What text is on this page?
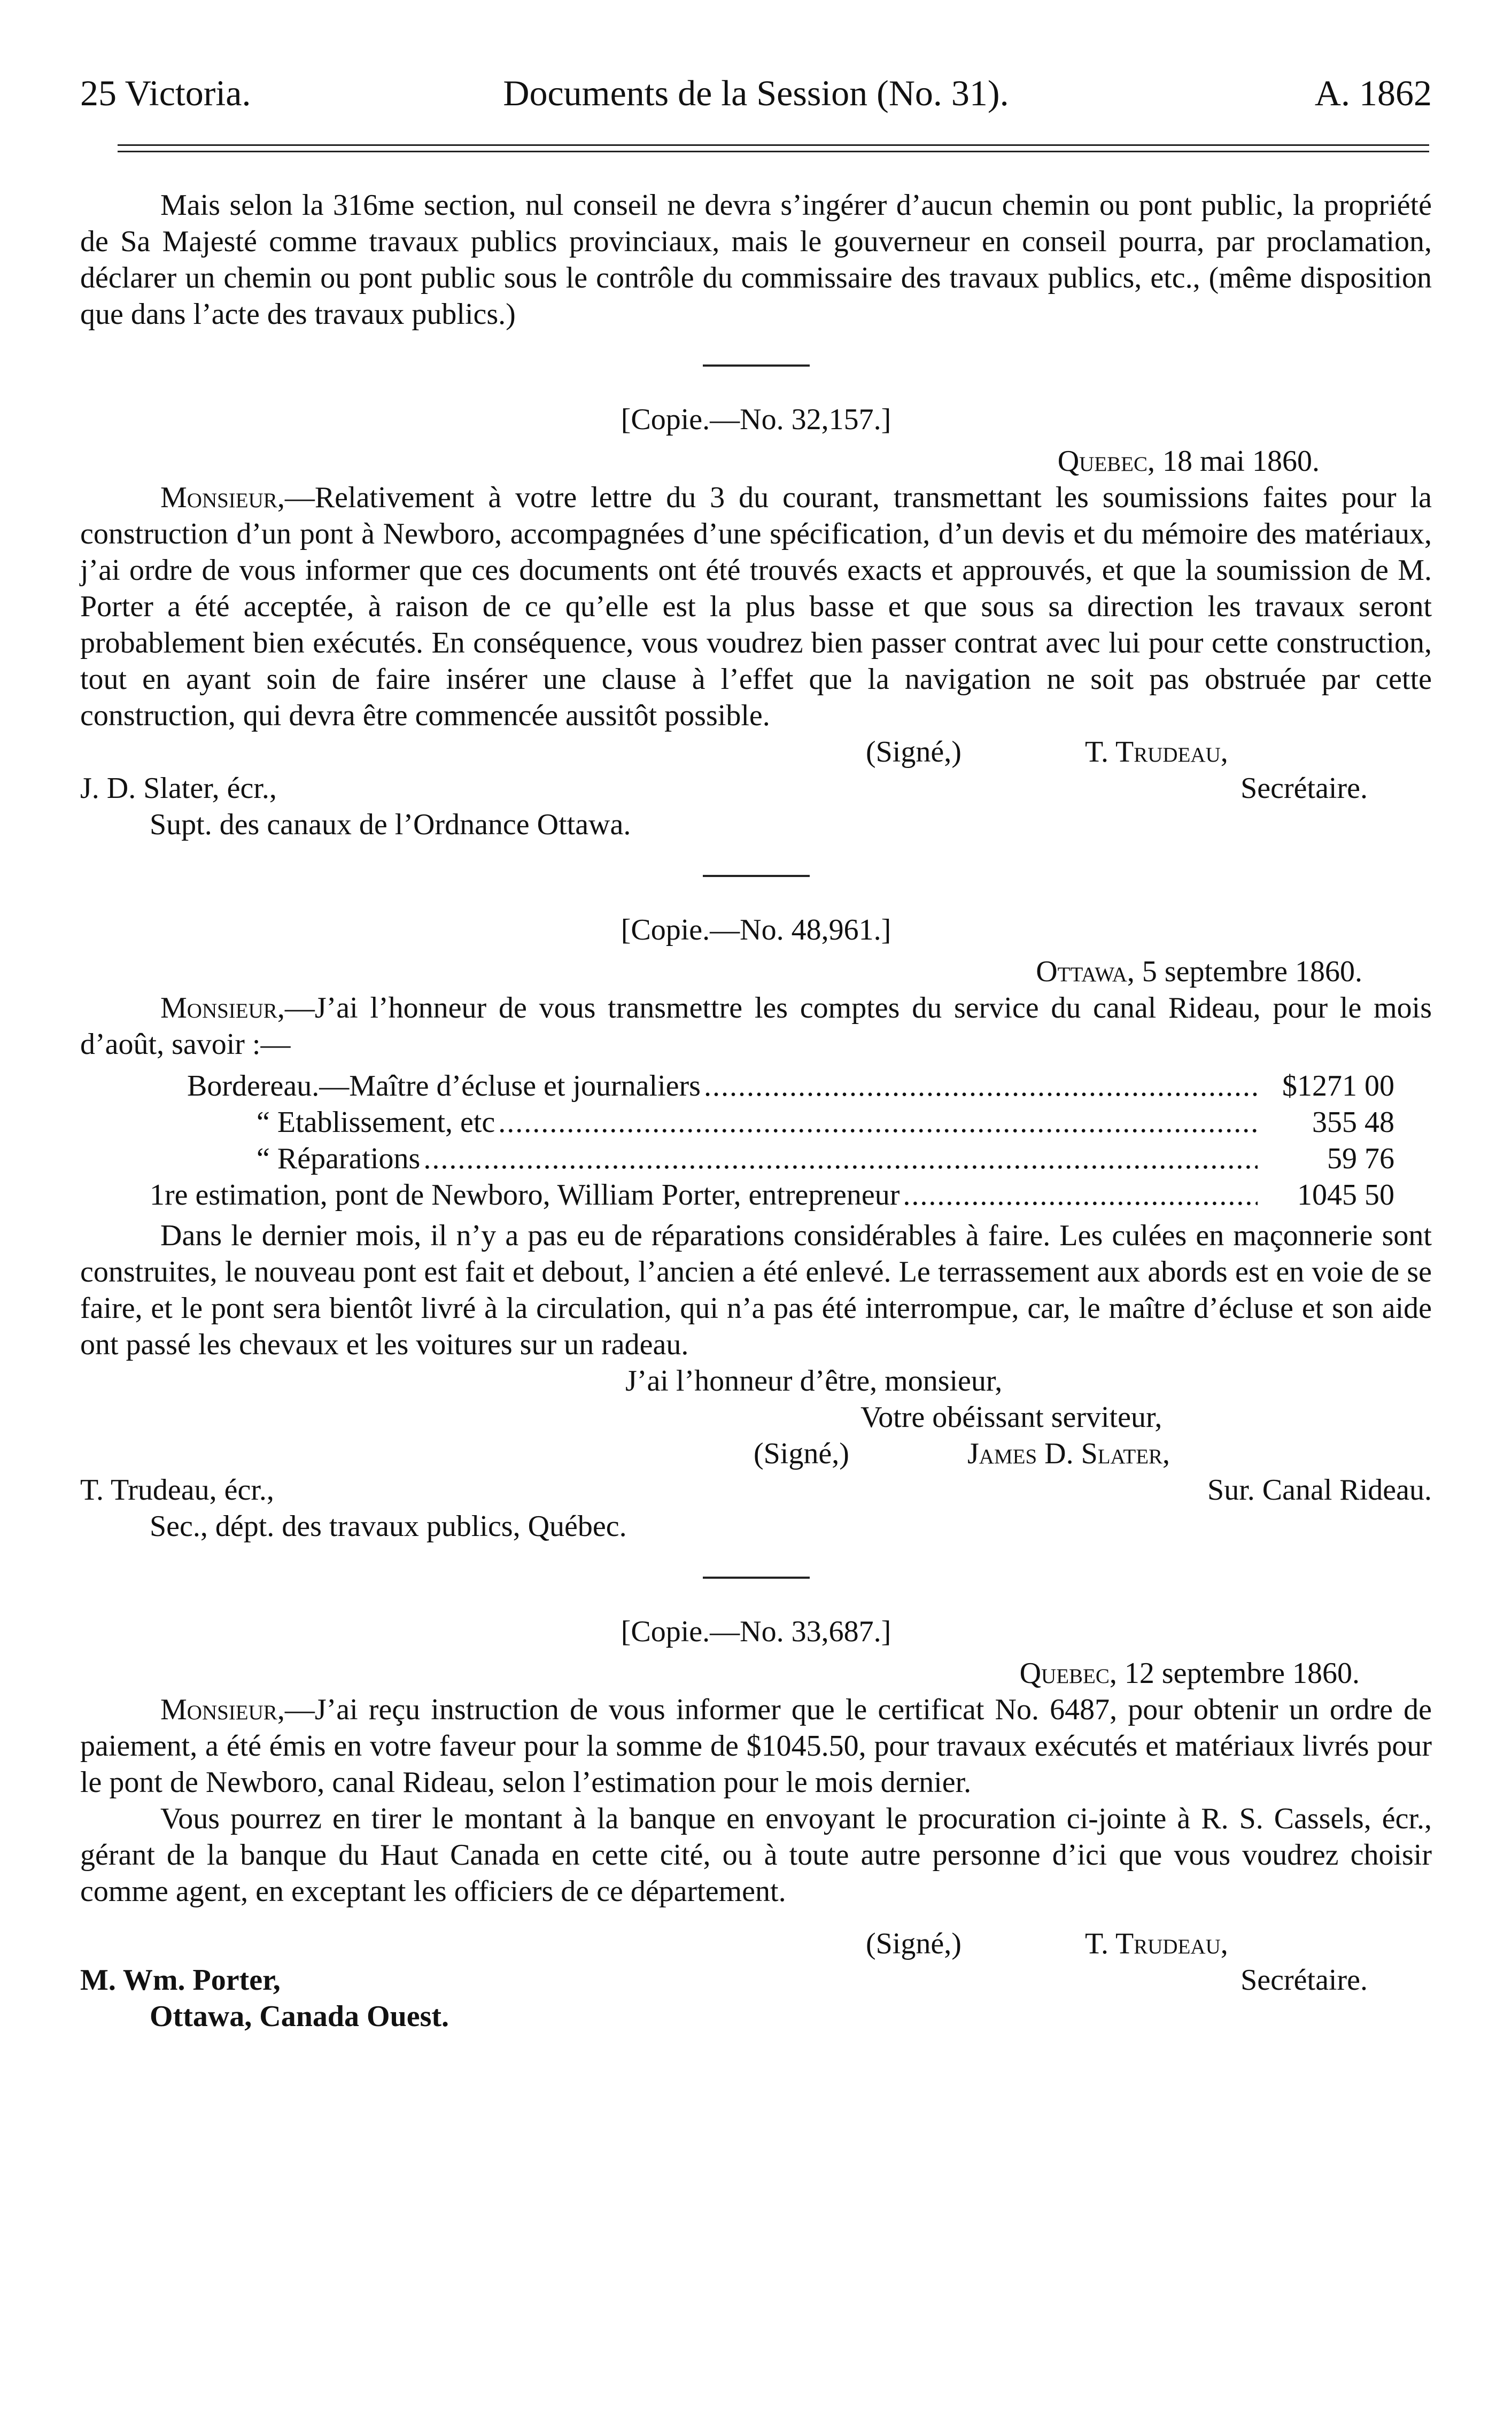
25 Victoria.	Documents de la Session (No. 31).	A. 1862

Mais selon la 316me section, nul conseil ne devra s’ingérer d’aucun chemin ou pont public, la propriété de Sa Majesté comme travaux publics provinciaux, mais le gouverneur en conseil pourra, par proclamation, déclarer un chemin ou pont public sous le contrôle du commissaire des travaux publics, etc., (même disposition que dans l’acte des travaux publics.)

[Copie.—No. 32,157.]
Quebec, 18 mai 1860.

Monsieur,—Relativement à votre lettre du 3 du courant, transmettant les soumissions faites pour la construction d’un pont à Newboro, accompagnées d’une spécification, d’un devis et du mémoire des matériaux, j’ai ordre de vous informer que ces documents ont été trouvés exacts et approuvés, et que la soumission de M. Porter a été acceptée, à raison de ce qu’elle est la plus basse et que sous sa direction les travaux seront probablement bien exécutés. En conséquence, vous voudrez bien passer contrat avec lui pour cette construction, tout en ayant soin de faire insérer une clause à l’effet que la navigation ne soit pas obstruée par cette construction, qui devra être commencée aussitôt possible.

(Signé,)	T. Trudeau,
J. D. Slater, écr.,	Secrétaire.
Supt. des canaux de l’Ordnance Ottawa.
[Copie.—No. 48,961.]
Ottawa, 5 septembre 1860.

Monsieur,—J’ai l’honneur de vous transmettre les comptes du service du canal Rideau, pour le mois d’août, savoir :—

Bordereau.—Maître d’écluse et journaliers .....	$1271 00
“ Etablissement, etc .....	355 48
“ Réparations .....	59 76
1re estimation, pont de Newboro, William Porter, entrepreneur .....	1045 50

Dans le dernier mois, il n’y a pas eu de réparations considérables à faire. Les culées en maçonnerie sont construites, le nouveau pont est fait et debout, l’ancien a été enlevé. Le terrassement aux abords est en voie de se faire, et le pont sera bientôt livré à la circulation, qui n’a pas été interrompue, car, le maître d’écluse et son aide ont passé les chevaux et les voitures sur un radeau.

J’ai l’honneur d’être, monsieur,
Votre obéissant serviteur,
(Signé,)	James D. Slater,
T. Trudeau, écr.,	Sur. Canal Rideau.
Sec., dépt. des travaux publics, Québec.
[Copie.—No. 33,687.]
Quebec, 12 septembre 1860.

Monsieur,—J’ai reçu instruction de vous informer que le certificat No. 6487, pour obtenir un ordre de paiement, a été émis en votre faveur pour la somme de $1045.50, pour travaux exécutés et matériaux livrés pour le pont de Newboro, canal Rideau, selon l’estimation pour le mois dernier.

Vous pourrez en tirer le montant à la banque en envoyant le procuration ci-jointe à R. S. Cassels, écr., gérant de la banque du Haut Canada en cette cité, ou à toute autre personne d’ici que vous voudrez choisir comme agent, en exceptant les officiers de ce département.

(Signé,)	T. Trudeau,
M. Wm. Porter,	Secrétaire.
Ottawa, Canada Ouest.
